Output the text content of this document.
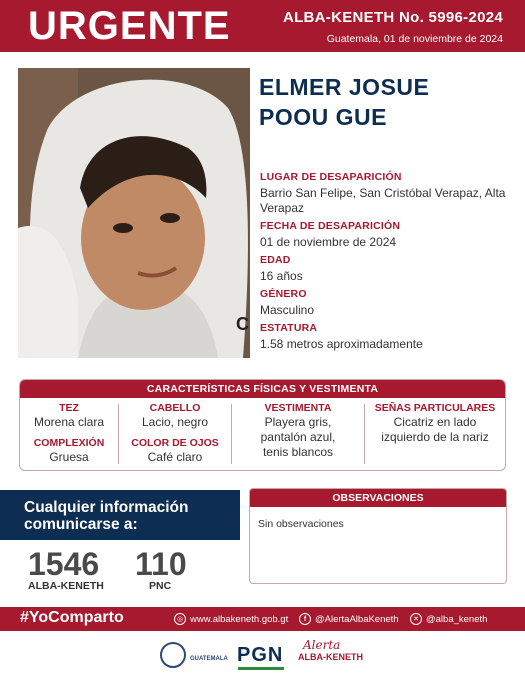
URGENTE	ALBA-KENETH No. 5996-2024
Guatemala, 01 de noviembre de 2024
C
ELMER JOSUE
POOU GUE
LUGAR DE DESAPARICIÓN
Barrio San Felipe, San Cristóbal Verapaz, Alta Verapaz
FECHA DE DESAPARICIÓN
01 de noviembre de 2024
EDAD
16 años
GÉNERO
Masculino
ESTATURA
1.58 metros aproximadamente
CARACTERÍSTICAS FÍSICAS Y VESTIMENTA
TEZ
Morena clara
COMPLEXIÓN
Gruesa
CABELLO
Lacio, negro
COLOR DE OJOS
Café claro
VESTIMENTA
Playera gris,
pantalón azul,
tenis blancos
SEÑAS PARTICULARES
Cicatriz en lado
izquierdo de la nariz
Cualquier información
comunicarse a:
1546
ALBA-KENETH
110
PNC
OBSERVACIONES
Sin observaciones
#YoComparto	◎ www.albakeneth.gob.gt	f @AlertaAlbaKeneth	✕ @alba_keneth
GUATEMALA PGN Alerta
ALBA-KENETH
